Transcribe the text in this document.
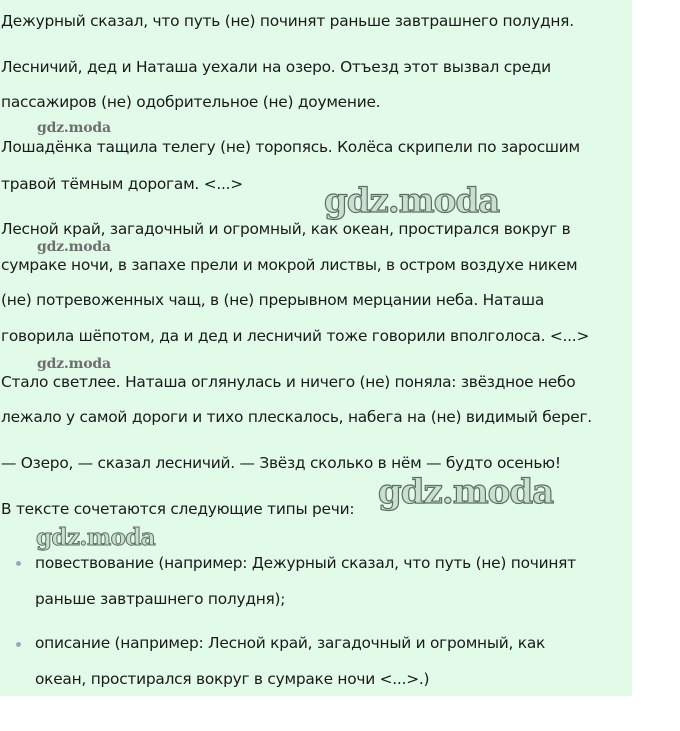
Дежурный сказал, что путь (не) починят раньше завтрашнего полудня.
Лесничий, дед и Наташа уехали на озеро. Отъезд этот вызвал среди
пассажиров (не) одобрительное (не) доумение.
gdz.moda
Лошадёнка тащила телегу (не) торопясь. Колёса скрипели по заросшим
травой тёмным дорогам. <...> gdz.moda
Лесной край, загадочный и огромный, как океан, простирался вокруг в
gdz.moda
сумраке ночи, в запахе прели и мокрой листвы, в остром воздухе никем
(не) потревоженных чащ, в (не) прерывном мерцании неба. Наташа
говорила шёпотом, да и дед и лесничий тоже говорили вполголоса. <...>
gdz.moda
Стало светлее. Наташа оглянулась и ничего (не) поняла: звёздное небо
лежало у самой дороги и тихо плескалось, набега на (не) видимый берег.
— Озеро, — сказал лесничий. — Звёзд сколько в нём — будто осенью!
gdz.moda
В тексте сочетаются следующие типы речи:
gdz.moda
повествование (например: Дежурный сказал, что путь (не) починят
раньше завтрашнего полудня);
описание (например: Лесной край, загадочный и огромный, как
океан, простирался вокруг в сумраке ночи <...>.)
